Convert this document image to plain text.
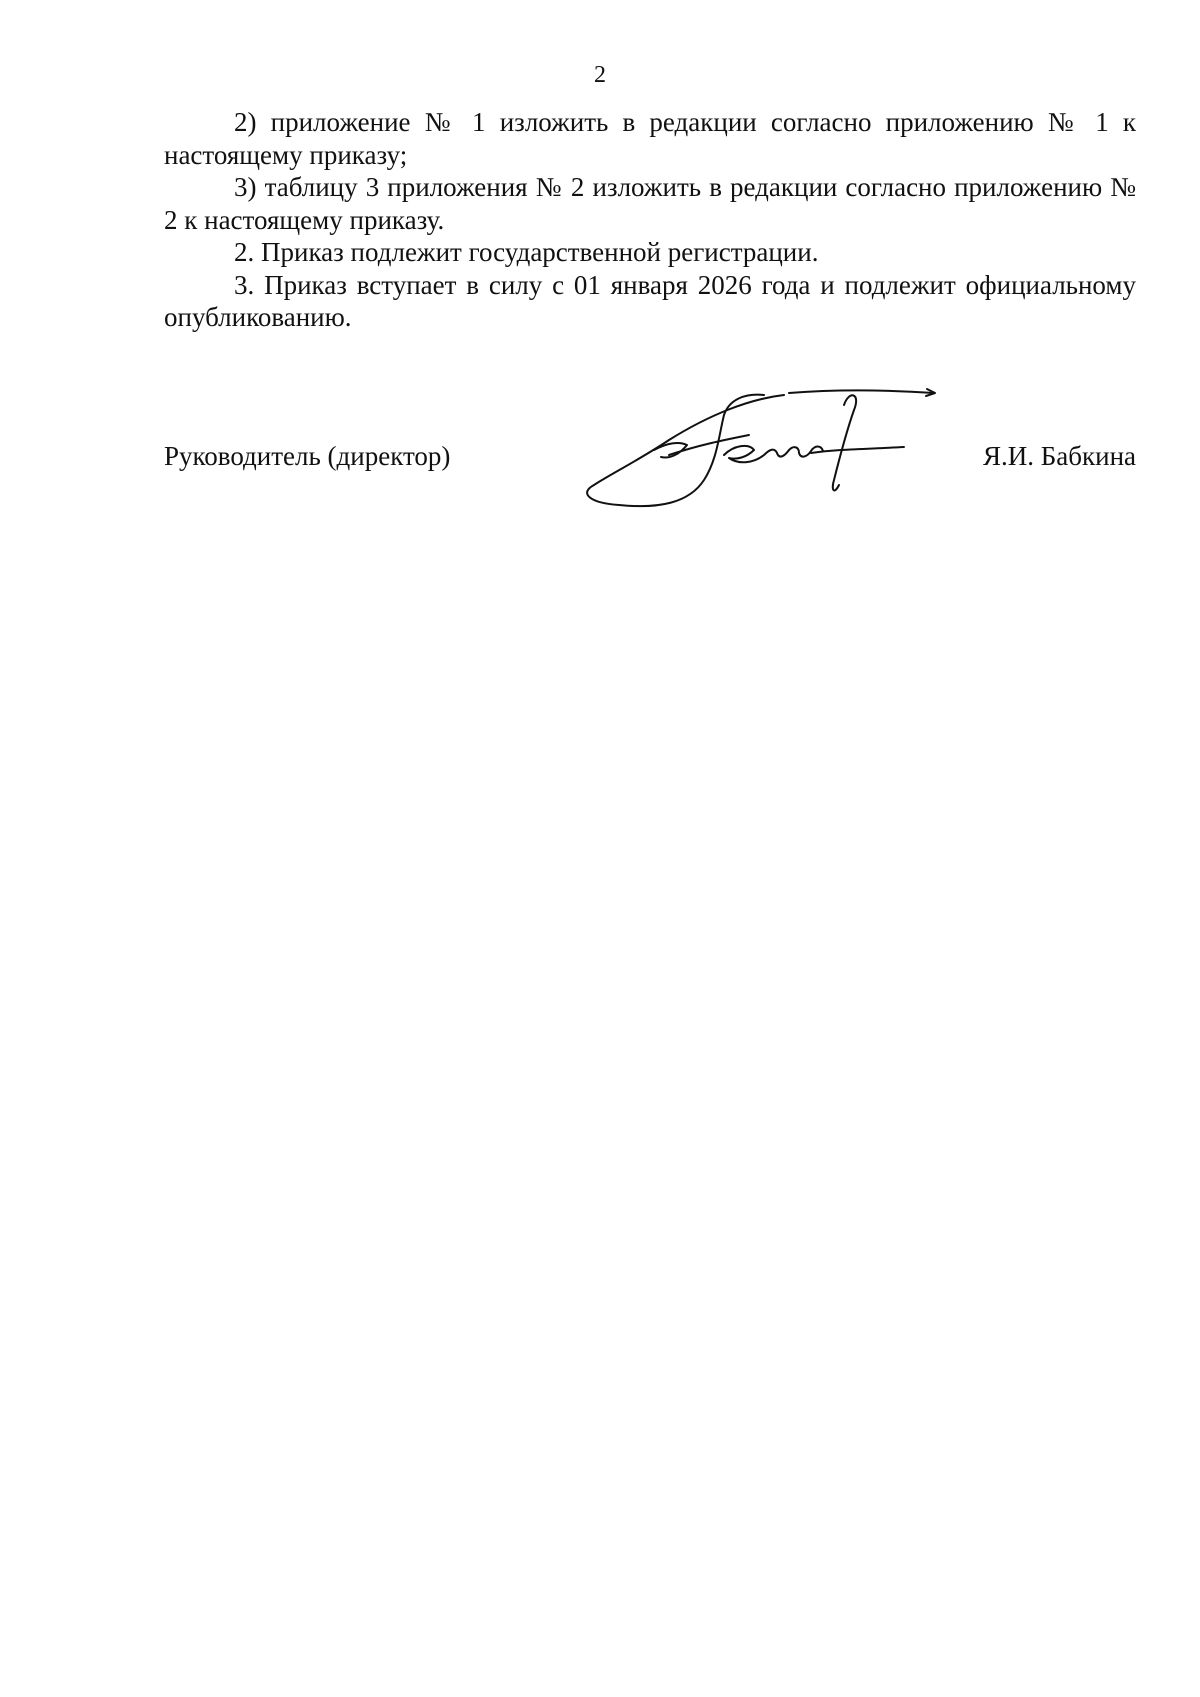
2

2) приложение № 1 изложить в редакции согласно приложению № 1 к настоящему приказу;

3) таблицу 3 приложения № 2 изложить в редакции согласно приложению № 2 к настоящему приказу.

2. Приказ подлежит государственной регистрации.

3. Приказ вступает в силу с 01 января 2026 года и подлежит официальному опубликованию.

Руководитель (директор)	Я.И. Бабкина
